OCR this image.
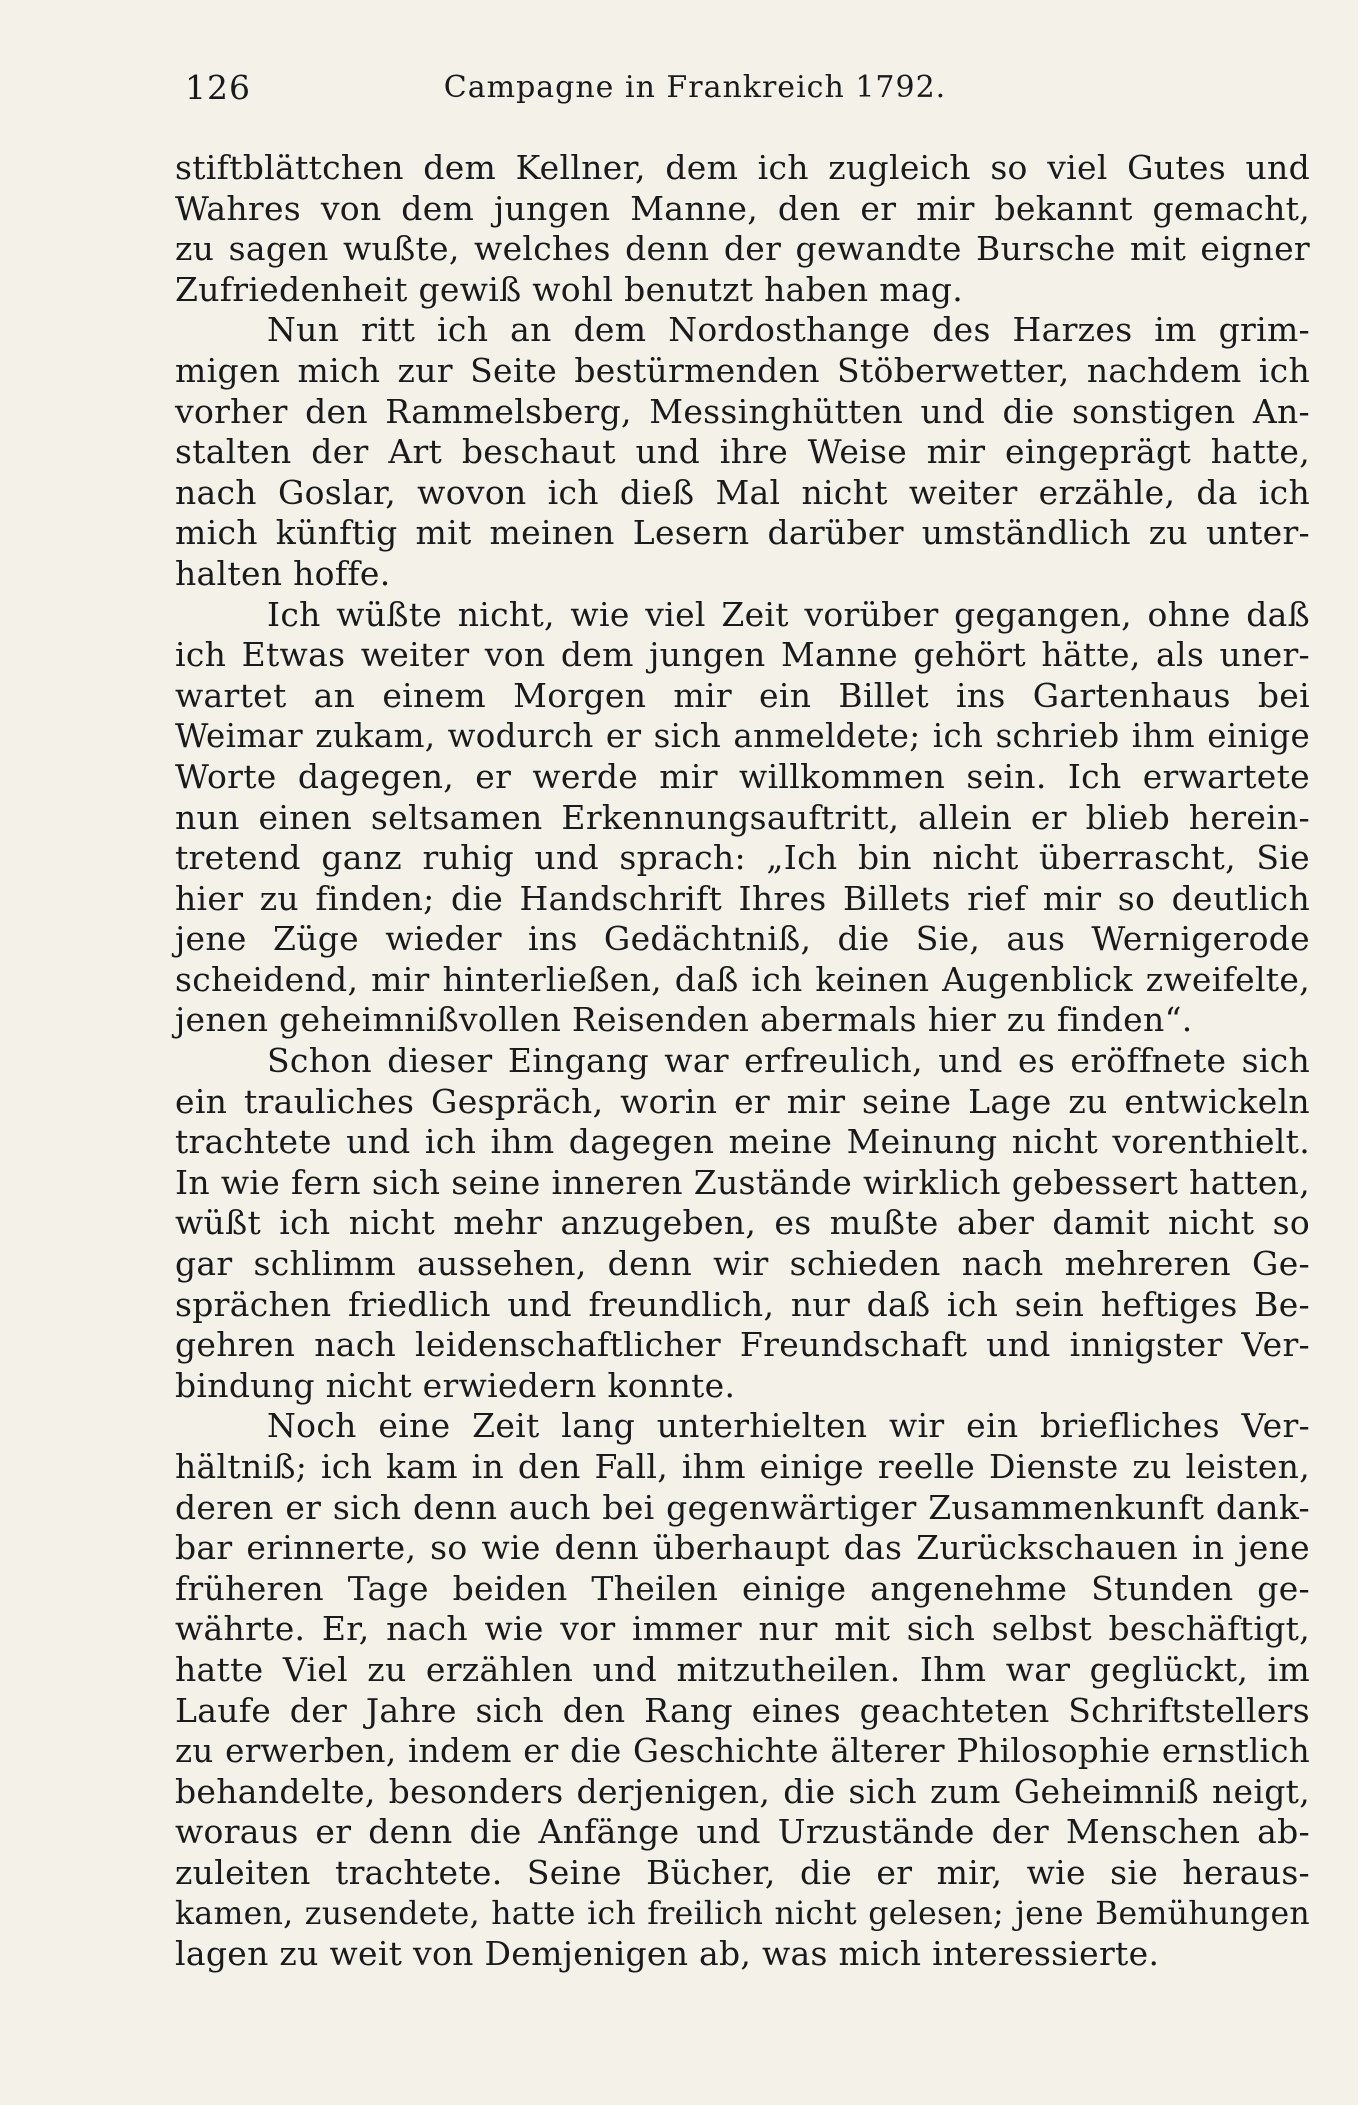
126	Campagne in Frankreich 1792.
stiftblättchen dem Kellner, dem ich zugleich so viel Gutes und
Wahres von dem jungen Manne, den er mir bekannt gemacht,
zu sagen wußte, welches denn der gewandte Bursche mit eigner
Zufriedenheit gewiß wohl benutzt haben mag.
Nun ritt ich an dem Nordosthange des Harzes im grim-
migen mich zur Seite bestürmenden Stöberwetter, nachdem ich
vorher den Rammelsberg, Messinghütten und die sonstigen An-
stalten der Art beschaut und ihre Weise mir eingeprägt hatte,
nach Goslar, wovon ich dieß Mal nicht weiter erzähle, da ich
mich künftig mit meinen Lesern darüber umständlich zu unter-
halten hoffe.
Ich wüßte nicht, wie viel Zeit vorüber gegangen, ohne daß
ich Etwas weiter von dem jungen Manne gehört hätte, als uner-
wartet an einem Morgen mir ein Billet ins Gartenhaus bei
Weimar zukam, wodurch er sich anmeldete; ich schrieb ihm einige
Worte dagegen, er werde mir willkommen sein. Ich erwartete
nun einen seltsamen Erkennungsauftritt, allein er blieb herein-
tretend ganz ruhig und sprach: „Ich bin nicht überrascht, Sie
hier zu finden; die Handschrift Ihres Billets rief mir so deutlich
jene Züge wieder ins Gedächtniß, die Sie, aus Wernigerode
scheidend, mir hinterließen, daß ich keinen Augenblick zweifelte,
jenen geheimnißvollen Reisenden abermals hier zu finden“.
Schon dieser Eingang war erfreulich, und es eröffnete sich
ein trauliches Gespräch, worin er mir seine Lage zu entwickeln
trachtete und ich ihm dagegen meine Meinung nicht vorenthielt.
In wie fern sich seine inneren Zustände wirklich gebessert hatten,
wüßt ich nicht mehr anzugeben, es mußte aber damit nicht so
gar schlimm aussehen, denn wir schieden nach mehreren Ge-
sprächen friedlich und freundlich, nur daß ich sein heftiges Be-
gehren nach leidenschaftlicher Freundschaft und innigster Ver-
bindung nicht erwiedern konnte.
Noch eine Zeit lang unterhielten wir ein briefliches Ver-
hältniß; ich kam in den Fall, ihm einige reelle Dienste zu leisten,
deren er sich denn auch bei gegenwärtiger Zusammenkunft dank-
bar erinnerte, so wie denn überhaupt das Zurückschauen in jene
früheren Tage beiden Theilen einige angenehme Stunden ge-
währte. Er, nach wie vor immer nur mit sich selbst beschäftigt,
hatte Viel zu erzählen und mitzutheilen. Ihm war geglückt, im
Laufe der Jahre sich den Rang eines geachteten Schriftstellers
zu erwerben, indem er die Geschichte älterer Philosophie ernstlich
behandelte, besonders derjenigen, die sich zum Geheimniß neigt,
woraus er denn die Anfänge und Urzustände der Menschen ab-
zuleiten trachtete. Seine Bücher, die er mir, wie sie heraus-
kamen, zusendete, hatte ich freilich nicht gelesen; jene Bemühungen
lagen zu weit von Demjenigen ab, was mich interessierte.
